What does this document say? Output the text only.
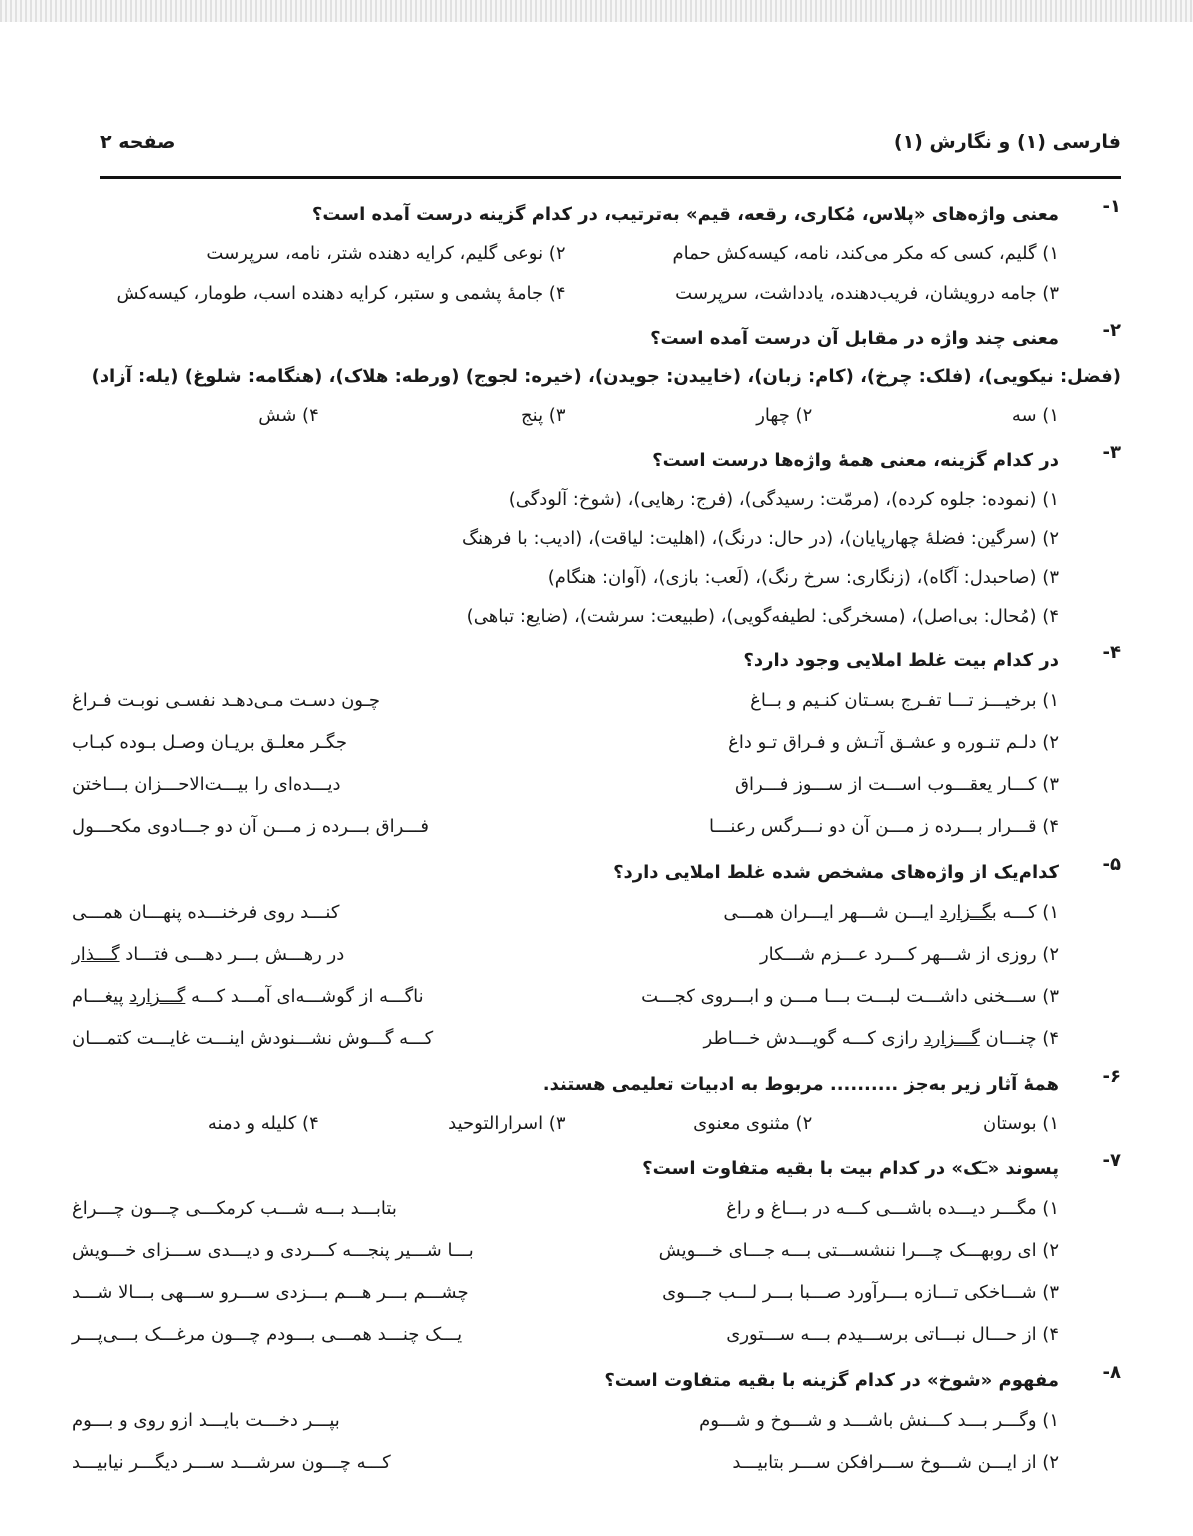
فارسی (۱) و نگارش (۱)
صفحه ۲
۱-
معنی واژه‌های «پلاس، مُکاری، رقعه، قیم» به‌ترتیب، در کدام گزینه درست آمده است؟
۱) گلیم، کسی که مکر می‌کند، نامه، کیسه‌کش حمام
۲) نوعی گلیم، کرایه دهنده شتر، نامه، سرپرست
۳) جامه درویشان، فریب‌دهنده، یادداشت، سرپرست
۴) جامهٔ پشمی و ستبر، کرایه دهنده اسب، طومار، کیسه‌کش
۲-
معنی چند واژه در مقابل آن درست آمده است؟
(فضل: نیکویی)، (فلک: چرخ)، (کام: زبان)، (خاییدن: جویدن)، (خیره: لجوج) (ورطه: هلاک)، (هنگامه: شلوغ) (یله: آزاد)
۱) سه
۲) چهار
۳) پنج
۴) شش
۳-
در کدام گزینه، معنی همهٔ واژه‌ها درست است؟
۱) (نموده: جلوه کرده)، (مرمّت: رسیدگی)، (فرج: رهایی)، (شوخ: آلودگی)
۲) (سرگین: فضلهٔ چهارپایان)، (در حال: درنگ)، (اهلیت: لیاقت)، (ادیب: با فرهنگ
۳) (صاحبدل: آگاه)، (زنگاری: سرخ رنگ)، (لَعب: بازی)، (آوان: هنگام)
۴) (مُحال: بی‌اصل)، (مسخرگی: لطیفه‌گویی)، (طبیعت: سرشت)، (ضایع: تباهی)
۴-
در کدام بیت غلط املایی وجود دارد؟
۱) برخیـــز تـــا تفـرج بسـتان کنـیم و بــاغ
چـون دسـت مـی‌دهـد نفسـی نوبـت فـراغ
۲) دلـم تنـوره و عشـق آتـش و فـراق تـو داغ
جگـر معلـق بریـان وصـل بـوده کبـاب
۳) کـــار یعقـــوب اســـت از ســـوز فـــراق
دیـــده‌ای را بیـــت‌الاحـــزان بـــاختن
۴) قـــرار بـــرده ز مـــن آن دو نـــرگس رعنـــا
فـــراق بـــرده ز مـــن آن دو جـــادوی مکحـــول
۵-
کدام‌یک از واژه‌های مشخص شده غلط املایی دارد؟
۱) کـــه بگــزارد ایـــن شـــهر ایـــران همـــی
کنـــد روی فرخنـــده پنهـــان همـــی
۲) روزی از شـــهر کـــرد عـــزم شـــکار
در رهـــش بـــر دهـــی فتـــاد گـــذار
۳) ســـخنی داشـــت لبـــت بـــا مـــن و ابـــروی کجـــت
ناگـــه از گوشـــه‌ای آمـــد کـــه گـــزارد پیغـــام
۴) چنـــان گـــزارد رازی کـــه گویـــدش خـــاطر
کـــه گـــوش نشـــنودش اینـــت غایـــت کتمـــان
۶-
همهٔ آثار زیر به‌جز .......... مربوط به ادبیات تعلیمی هستند.
۱) بوستان
۲) مثنوی معنوی
۳) اسرارالتوحید
۴) کلیله و دمنه
۷-
پسوند «ـَک» در کدام بیت با بقیه متفاوت است؟
۱) مگـــر دیـــده باشـــی کـــه در بـــاغ و راغ
بتابـــد بـــه شـــب کرمکـــی چـــون چـــراغ
۲) ای روبهـــک چـــرا ننشســـتی بـــه جـــای خـــویش
بـــا شـــیر پنجـــه کـــردی و دیـــدی ســـزای خـــویش
۳) شـــاخکی تـــازه بـــرآورد صـــبا بـــر لـــب جـــوی
چشـــم بـــر هـــم بـــزدی ســـرو ســـهی بـــالا شـــد
۴) از حـــال نبـــاتی برســـیدم بـــه ســـتوری
یـــک چنـــد همـــی بـــودم چـــون مرغـــک بـــی‌پـــر
۸-
مفهوم «شوخ» در کدام گزینه با بقیه متفاوت است؟
۱) وگـــر بـــد کـــنش باشـــد و شـــوخ و شـــوم
بپـــر دخـــت بایـــد ازو روی و بـــوم
۲) از ایـــن شـــوخ ســـرافکن ســـر بتابیـــد
کـــه چـــون سرشـــد ســـر دیگـــر نیابیـــد
